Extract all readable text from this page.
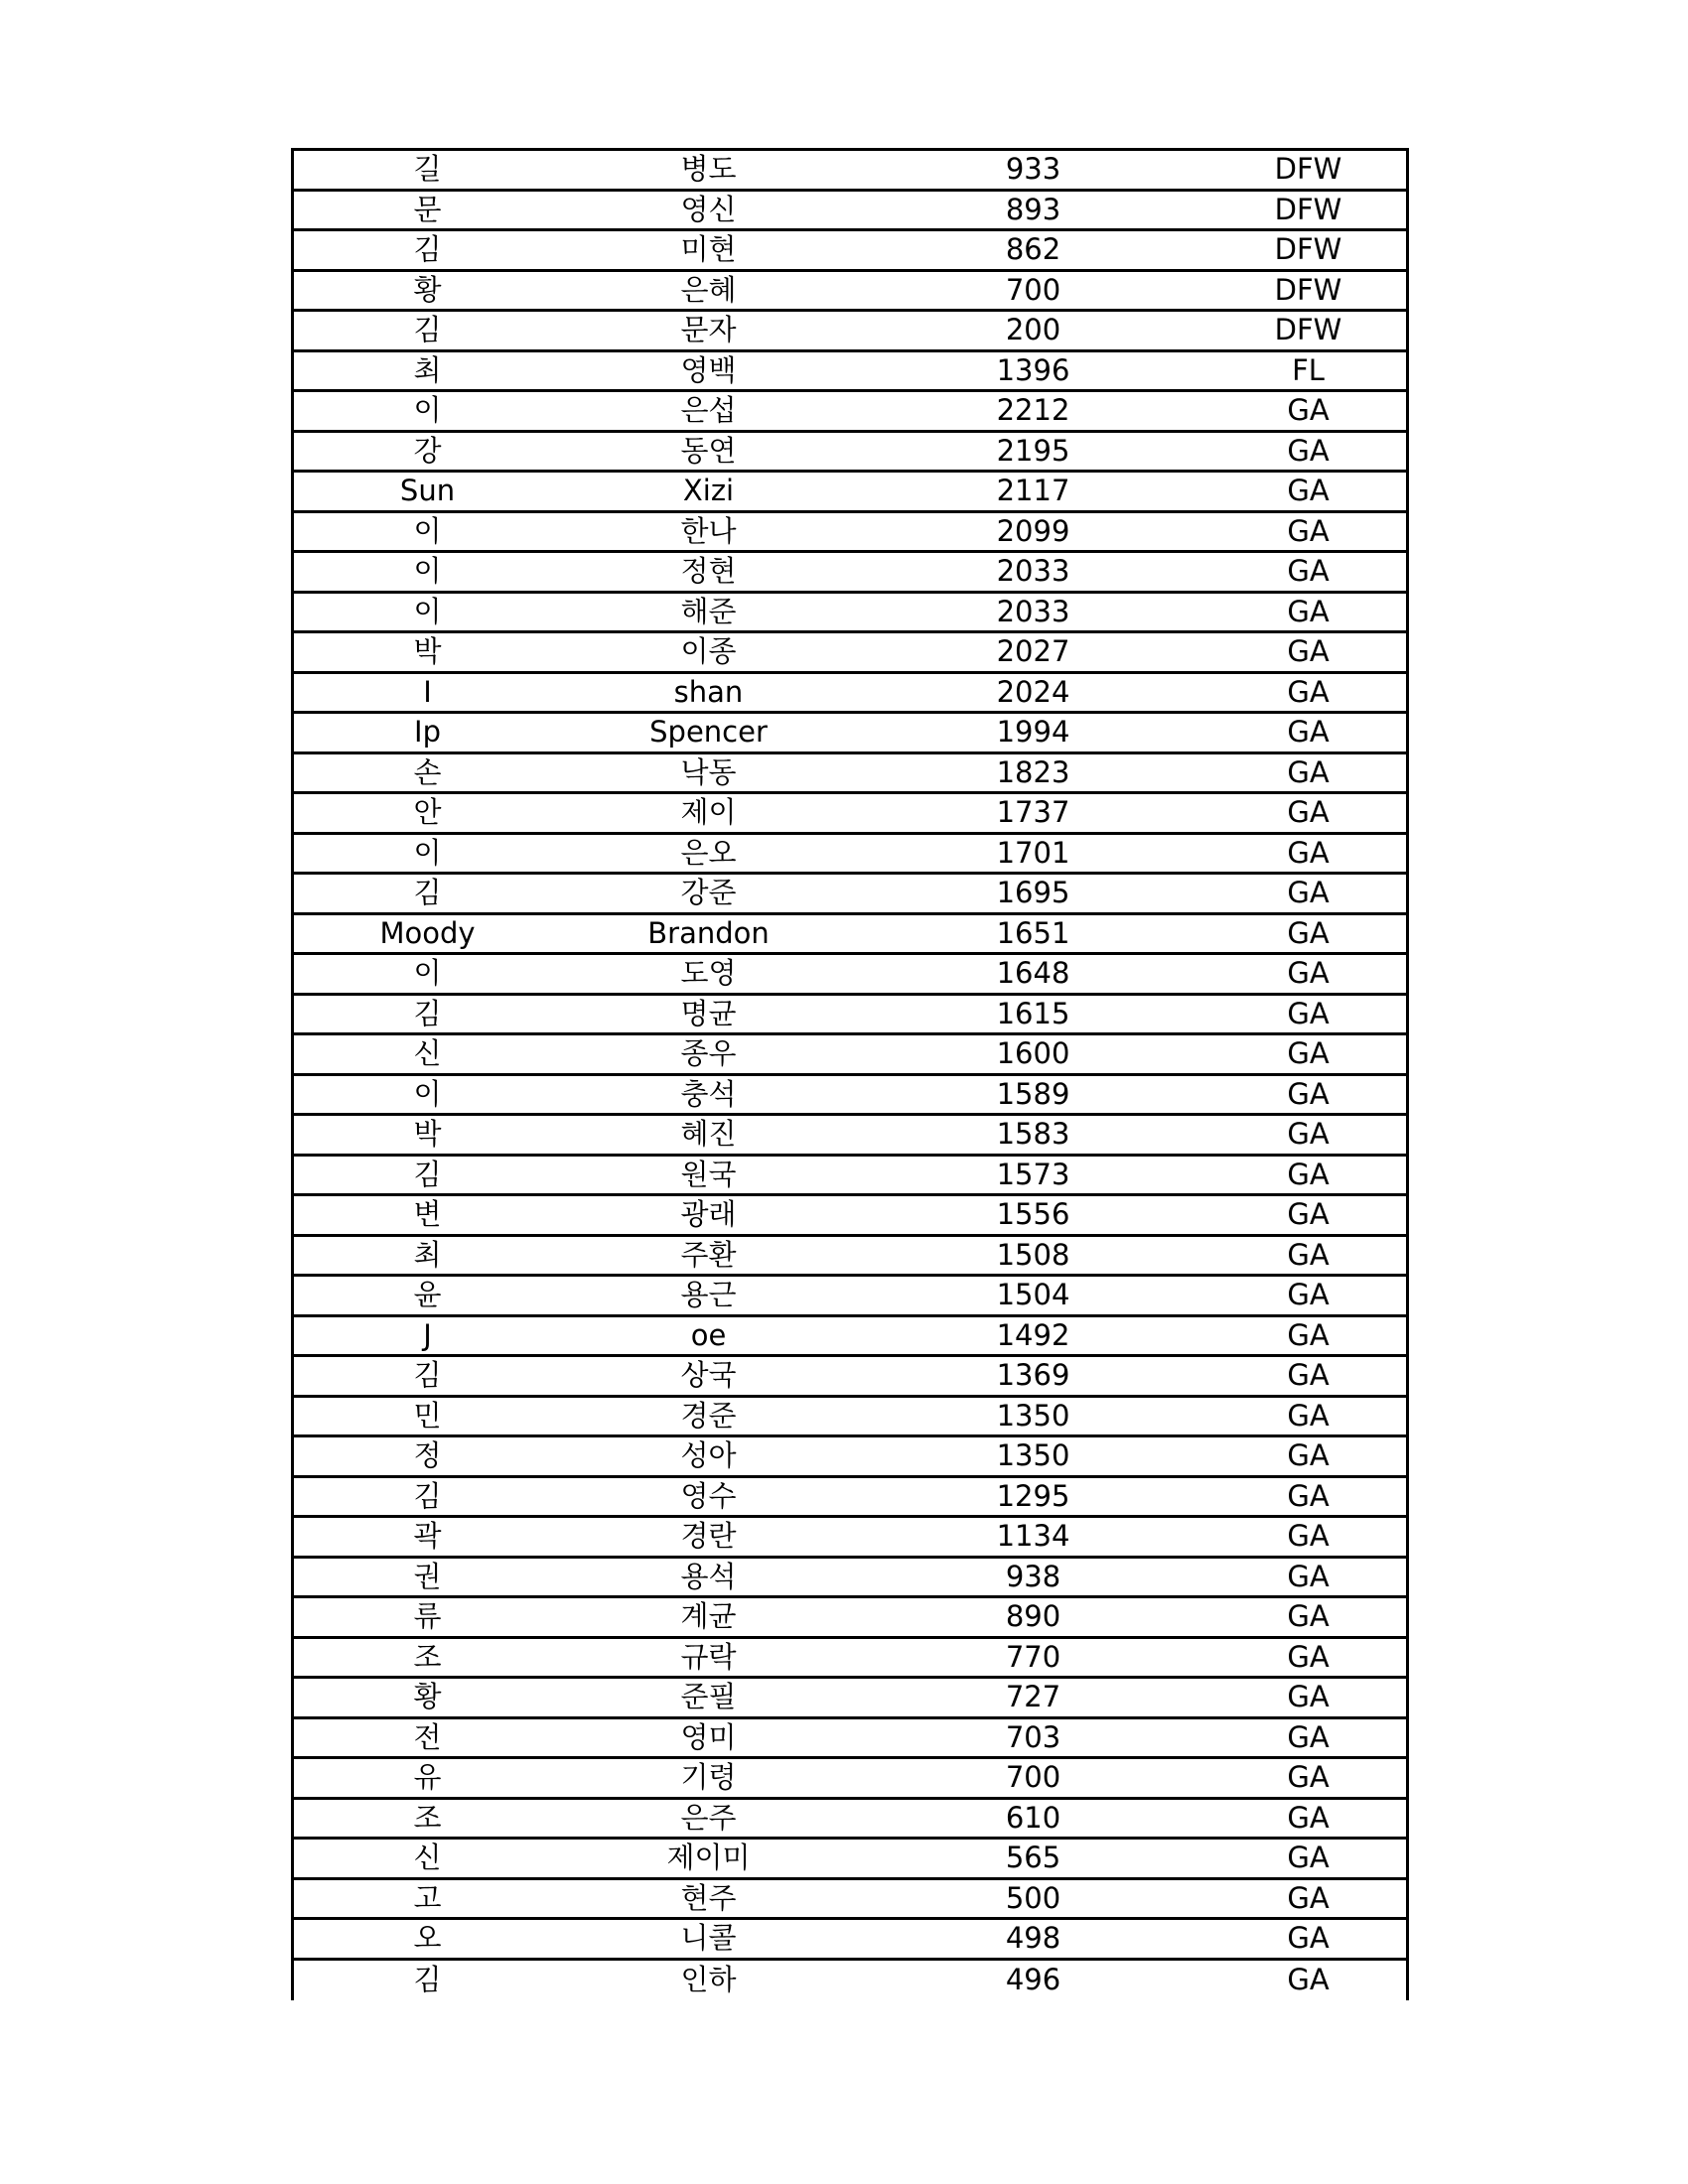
길	병도	933	DFW
문	영신	893	DFW
김	미현	862	DFW
황	은혜	700	DFW
김	문자	200	DFW
최	영백	1396	FL
이	은섭	2212	GA
강	동연	2195	GA
Sun	Xizi	2117	GA
이	한나	2099	GA
이	정현	2033	GA
이	해준	2033	GA
박	이종	2027	GA
I	shan	2024	GA
Ip	Spencer	1994	GA
손	낙동	1823	GA
안	제이	1737	GA
이	은오	1701	GA
김	강준	1695	GA
Moody	Brandon	1651	GA
이	도영	1648	GA
김	명균	1615	GA
신	종우	1600	GA
이	충석	1589	GA
박	혜진	1583	GA
김	원국	1573	GA
변	광래	1556	GA
최	주환	1508	GA
윤	용근	1504	GA
J	oe	1492	GA
김	상국	1369	GA
민	경준	1350	GA
정	성아	1350	GA
김	영수	1295	GA
곽	경란	1134	GA
권	용석	938	GA
류	계균	890	GA
조	규락	770	GA
황	준필	727	GA
전	영미	703	GA
유	기령	700	GA
조	은주	610	GA
신	제이미	565	GA
고	현주	500	GA
오	니콜	498	GA
김	인하	496	GA
